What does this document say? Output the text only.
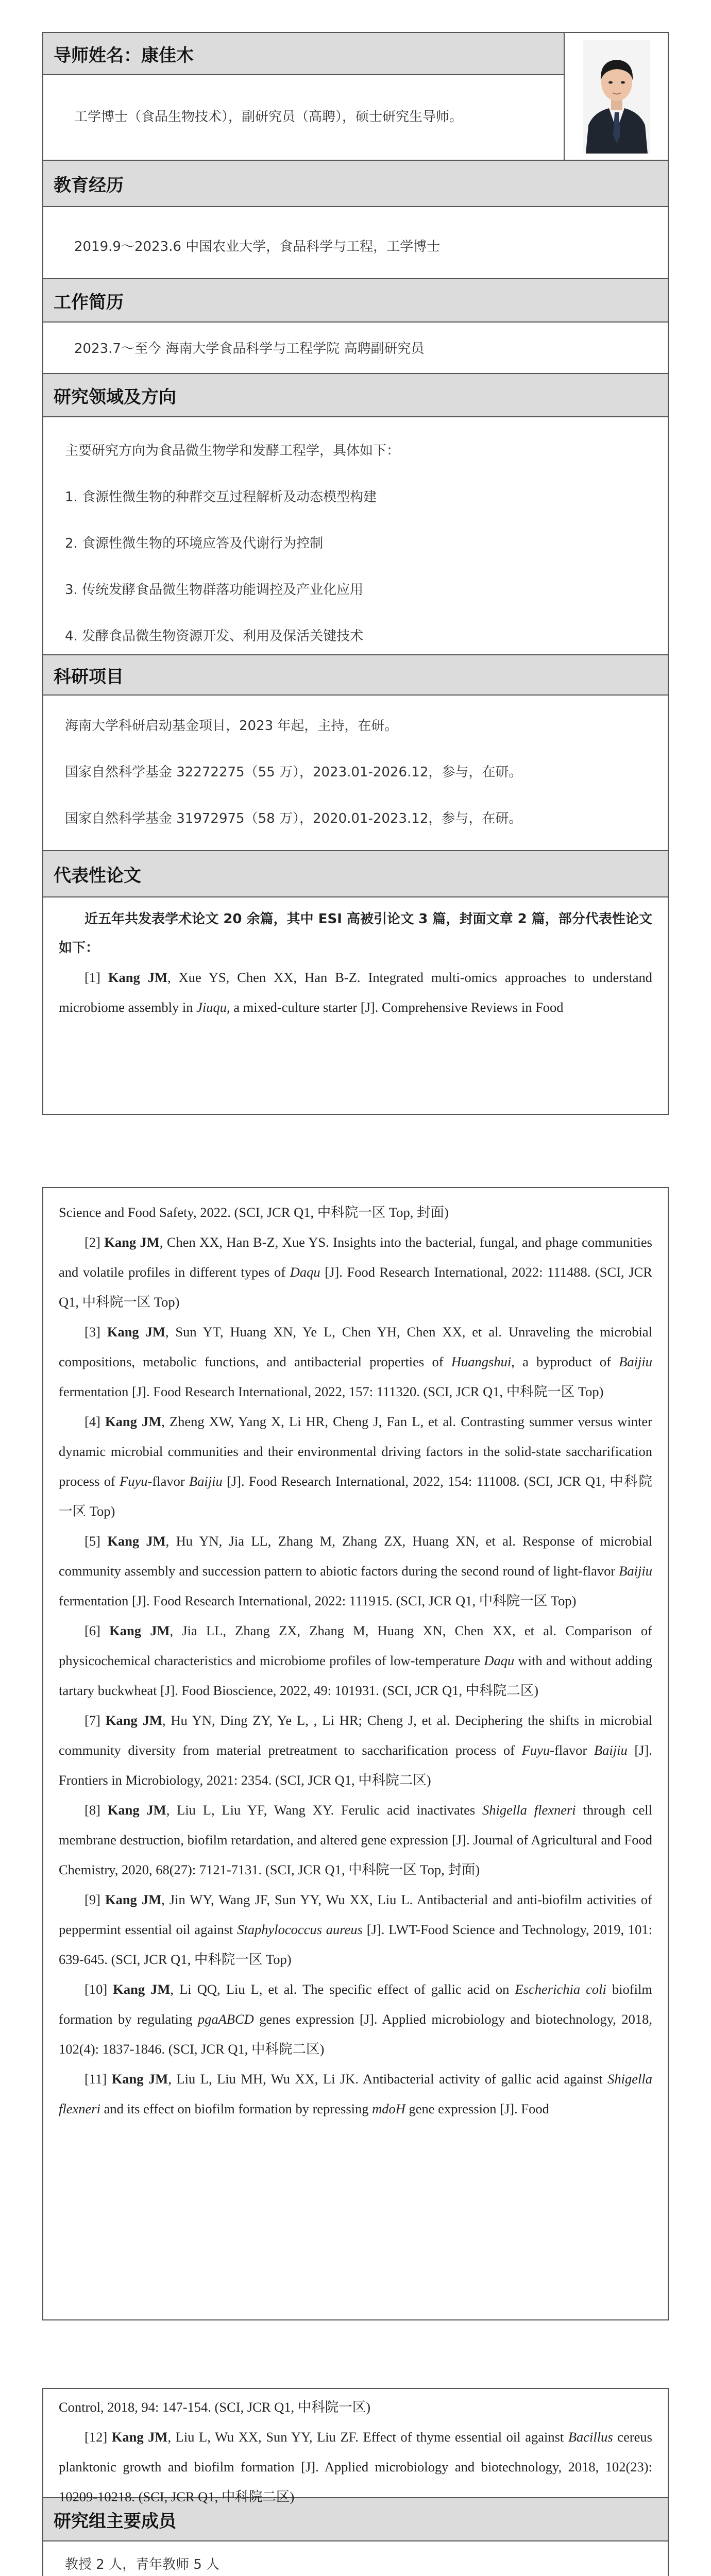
导师姓名：康佳木
工学博士（食品生物技术），副研究员（高聘），硕士研究生导师。
教育经历

2019.9～2023.6 中国农业大学，食品科学与工程，工学博士

工作简历

2023.7～至今 海南大学食品科学与工程学院 高聘副研究员

研究领域及方向

主要研究方向为食品微生物学和发酵工程学，具体如下：

1. 食源性微生物的种群交互过程解析及动态模型构建

2. 食源性微生物的环境应答及代谢行为控制

3. 传统发酵食品微生物群落功能调控及产业化应用

4. 发酵食品微生物资源开发、利用及保活关键技术

科研项目

海南大学科研启动基金项目，2023 年起，主持，在研。

国家自然科学基金 32272275（55 万），2023.01-2026.12，参与，在研。

国家自然科学基金 31972975（58 万），2020.01-2023.12，参与，在研。

代表性论文

近五年共发表学术论文 20 余篇，其中 ESI 高被引论文 3 篇，封面文章 2 篇，部分代表性论文如下：

[1] Kang JM, Xue YS, Chen XX, Han B-Z. Integrated multi-omics approaches to understand microbiome assembly in Jiuqu, a mixed-culture starter [J]. Comprehensive Reviews in Food

Science and Food Safety, 2022. (SCI, JCR Q1, 中科院一区 Top, 封面)

[2] Kang JM, Chen XX, Han B-Z, Xue YS. Insights into the bacterial, fungal, and phage communities and volatile profiles in different types of Daqu [J]. Food Research International, 2022: 111488. (SCI, JCR Q1, 中科院一区 Top)

[3] Kang JM, Sun YT, Huang XN, Ye L, Chen YH, Chen XX, et al. Unraveling the microbial compositions, metabolic functions, and antibacterial properties of Huangshui, a byproduct of Baijiu fermentation [J]. Food Research International, 2022, 157: 111320. (SCI, JCR Q1, 中科院一区 Top)

[4] Kang JM, Zheng XW, Yang X, Li HR, Cheng J, Fan L, et al. Contrasting summer versus winter dynamic microbial communities and their environmental driving factors in the solid-state saccharification process of Fuyu-flavor Baijiu [J]. Food Research International, 2022, 154: 111008. (SCI, JCR Q1, 中科院一区 Top)

[5] Kang JM, Hu YN, Jia LL, Zhang M, Zhang ZX, Huang XN, et al. Response of microbial community assembly and succession pattern to abiotic factors during the second round of light-flavor Baijiu fermentation [J]. Food Research International, 2022: 111915. (SCI, JCR Q1, 中科院一区 Top)

[6] Kang JM, Jia LL, Zhang ZX, Zhang M, Huang XN, Chen XX, et al. Comparison of physicochemical characteristics and microbiome profiles of low-temperature Daqu with and without adding tartary buckwheat [J]. Food Bioscience, 2022, 49: 101931. (SCI, JCR Q1, 中科院二区)

[7] Kang JM, Hu YN, Ding ZY, Ye L, , Li HR; Cheng J, et al. Deciphering the shifts in microbial community diversity from material pretreatment to saccharification process of Fuyu-flavor Baijiu [J]. Frontiers in Microbiology, 2021: 2354. (SCI, JCR Q1, 中科院二区)

[8] Kang JM, Liu L, Liu YF, Wang XY. Ferulic acid inactivates Shigella flexneri through cell membrane destruction, biofilm retardation, and altered gene expression [J]. Journal of Agricultural and Food Chemistry, 2020, 68(27): 7121-7131. (SCI, JCR Q1, 中科院一区 Top, 封面)

[9] Kang JM, Jin WY, Wang JF, Sun YY, Wu XX, Liu L. Antibacterial and anti-biofilm activities of peppermint essential oil against Staphylococcus aureus [J]. LWT-Food Science and Technology, 2019, 101: 639-645. (SCI, JCR Q1, 中科院一区 Top)

[10] Kang JM, Li QQ, Liu L, et al. The specific effect of gallic acid on Escherichia coli biofilm formation by regulating pgaABCD genes expression [J]. Applied microbiology and biotechnology, 2018, 102(4): 1837-1846. (SCI, JCR Q1, 中科院二区)

[11] Kang JM, Liu L, Liu MH, Wu XX, Li JK. Antibacterial activity of gallic acid against Shigella flexneri and its effect on biofilm formation by repressing mdoH gene expression [J]. Food

Control, 2018, 94: 147-154. (SCI, JCR Q1, 中科院一区)

[12] Kang JM, Liu L, Wu XX, Sun YY, Liu ZF. Effect of thyme essential oil against Bacillus cereus planktonic growth and biofilm formation [J]. Applied microbiology and biotechnology, 2018, 102(23): 10209-10218. (SCI, JCR Q1, 中科院二区)

研究组主要成员

教授 2 人，青年教师 5 人
